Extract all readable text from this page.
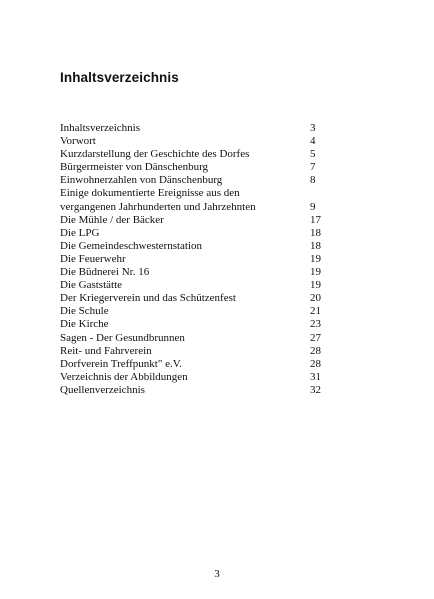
Inhaltsverzeichnis
Inhaltsverzeichnis	3
Vorwort	4
Kurzdarstellung der Geschichte des Dorfes	5
Bürgermeister von Dänschenburg	7
Einwohnerzahlen von Dänschenburg	8
Einige dokumentierte Ereignisse aus den
vergangenen Jahrhunderten und Jahrzehnten	9
Die Mühle / der Bäcker	17
Die LPG	18
Die Gemeindeschwesternstation	18
Die Feuerwehr	19
Die Büdnerei Nr. 16	19
Die Gaststätte	19
Der Kriegerverein und das Schützenfest	20
Die Schule	21
Die Kirche	23
Sagen - Der Gesundbrunnen	27
Reit- und Fahrverein	28
Dorfverein Treffpunkt" e.V.	28
Verzeichnis der Abbildungen	31
Quellenverzeichnis	32
3
